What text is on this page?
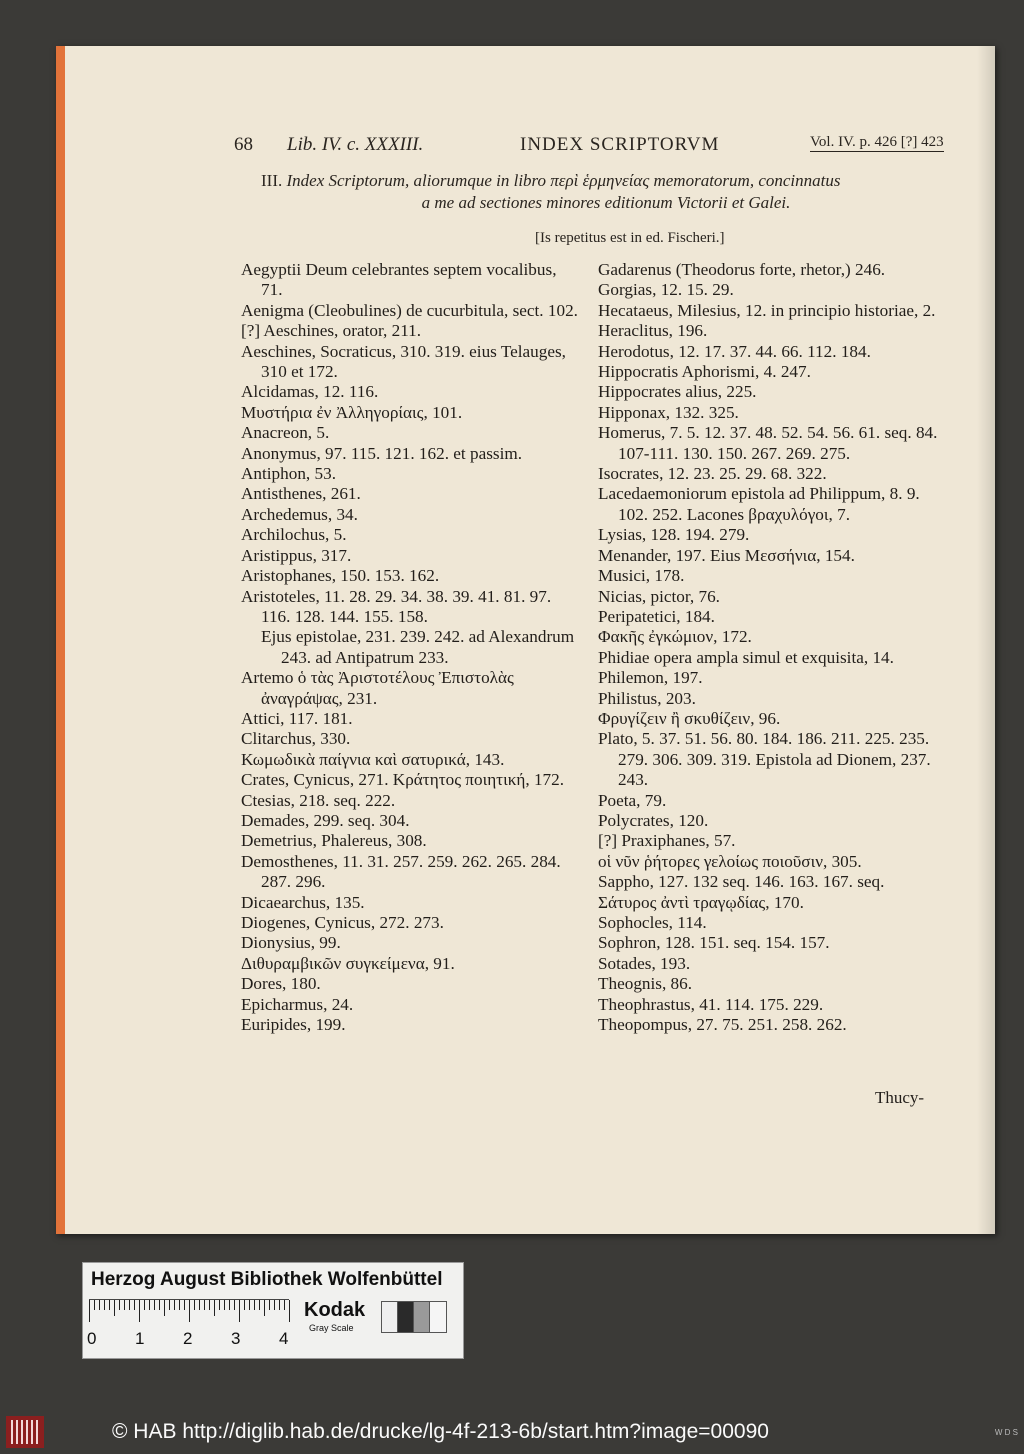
68 Lib. IV. c. XXXIII.	INDEX SCRIPTORVM	Vol. IV. p. 426 [?] 423
III. Index Scriptorum, aliorumque in libro περὶ ἑρμηνείας memoratorum, concinnatus
a me ad sectiones minores editionum Victorii et Galei.
[Is repetitus est in ed. Fischeri.]
Aegyptii Deum celebrantes septem vocalibus, 71.
Aenigma (Cleobulines) de cucurbitula, sect. 102.
[?] Aeschines, orator, 211.
Aeschines, Socraticus, 310. 319. eius Telauges, 310 et 172.
Alcidamas, 12. 116.
Μυστήρια ἐν Ἀλληγορίαις, 101.
Anacreon, 5.
Anonymus, 97. 115. 121. 162. et passim.
Antiphon, 53.
Antisthenes, 261.
Archedemus, 34.
Archilochus, 5.
Aristippus, 317.
Aristophanes, 150. 153. 162.
Aristoteles, 11. 28. 29. 34. 38. 39. 41. 81. 97. 116. 128. 144. 155. 158.
Ejus epistolae, 231. 239. 242. ad Alexandrum 243. ad Antipatrum 233.
Artemo ὁ τὰς Ἀριστοτέλους Ἐπιστολὰς ἀναγράψας, 231.
Attici, 117. 181.
Clitarchus, 330.
Κωμωδικὰ παίγνια καὶ σατυρικά, 143.
Crates, Cynicus, 271. Κράτητος ποιητική, 172.
Ctesias, 218. seq. 222.
Demades, 299. seq. 304.
Demetrius, Phalereus, 308.
Demosthenes, 11. 31. 257. 259. 262. 265. 284. 287. 296.
Dicaearchus, 135.
Diogenes, Cynicus, 272. 273.
Dionysius, 99.
Διθυραμβικῶν συγκείμενα, 91.
Dores, 180.
Epicharmus, 24.
Euripides, 199.
Gadarenus (Theodorus forte, rhetor,) 246.
Gorgias, 12. 15. 29.
Hecataeus, Milesius, 12. in principio historiae, 2.
Heraclitus, 196.
Herodotus, 12. 17. 37. 44. 66. 112. 184.
Hippocratis Aphorismi, 4. 247.
Hippocrates alius, 225.
Hipponax, 132. 325.
Homerus, 7. 5. 12. 37. 48. 52. 54. 56. 61. seq. 84. 107-111. 130. 150. 267. 269. 275.
Isocrates, 12. 23. 25. 29. 68. 322.
Lacedaemoniorum epistola ad Philippum, 8. 9. 102. 252. Lacones βραχυλόγοι, 7.
Lysias, 128. 194. 279.
Menander, 197. Eius Μεσσήνια, 154.
Musici, 178.
Nicias, pictor, 76.
Peripatetici, 184.
Φακῆς ἐγκώμιον, 172.
Phidiae opera ampla simul et exquisita, 14.
Philemon, 197.
Philistus, 203.
Φρυγίζειν ἢ σκυθίζειν, 96.
Plato, 5. 37. 51. 56. 80. 184. 186. 211. 225. 235. 279. 306. 309. 319. Epistola ad Dionem, 237. 243.
Poeta, 79.
Polycrates, 120.
[?] Praxiphanes, 57.
οἱ νῦν ῥήτορες γελοίως ποιοῦσιν, 305.
Sappho, 127. 132 seq. 146. 163. 167. seq.
Σάτυρος ἀντὶ τραγῳδίας, 170.
Sophocles, 114.
Sophron, 128. 151. seq. 154. 157.
Sotades, 193.
Theognis, 86.
Theophrastus, 41. 114. 175. 229.
Theopompus, 27. 75. 251. 258. 262.
Thucy-
Herzog August Bibliothek Wolfenbüttel
0 1 2 3 4
Kodak
Gray Scale
© HAB http://diglib.hab.de/drucke/lg-4f-213-6b/start.htm?image=00090	W D S
